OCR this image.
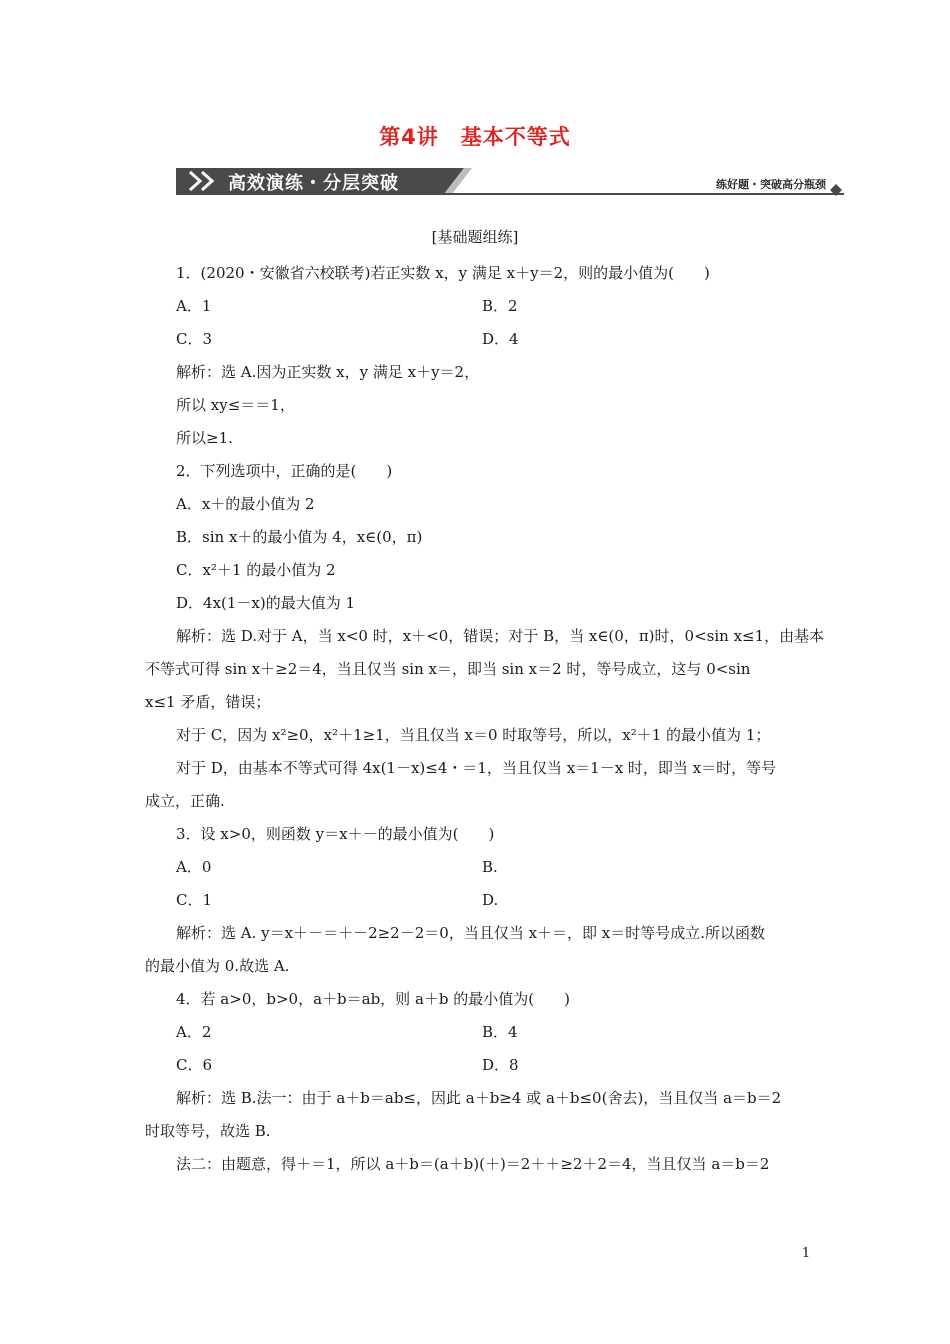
第4讲　基本不等式
高效演练・分层突破	练好题・突破高分瓶颈
[基础题组练]
1．(2020・安徽省六校联考)若正实数 x，y 满足 x＋y＝2，则的最小值为(　　)
A．1	B．2
C．3	D．4
解析：选 A.因为正实数 x，y 满足 x＋y＝2，
所以 xy≤＝＝1，
所以≥1.
2．下列选项中，正确的是(　　)
A．x＋的最小值为 2
B．sin x＋的最小值为 4，x∈(0，π)
C．x²＋1 的最小值为 2
D．4x(1－x)的最大值为 1
解析：选 D.对于 A，当 x<0 时，x＋<0，错误；对于 B，当 x∈(0，π)时，0<sin x≤1，由基本
不等式可得 sin x＋≥2＝4，当且仅当 sin x＝，即当 sin x＝2 时，等号成立，这与 0<sin
x≤1 矛盾，错误；
对于 C，因为 x²≥0，x²＋1≥1，当且仅当 x＝0 时取等号，所以，x²＋1 的最小值为 1；
对于 D，由基本不等式可得 4x(1－x)≤4・＝1，当且仅当 x＝1－x 时，即当 x＝时，等号
成立，正确.
3．设 x>0，则函数 y＝x＋－的最小值为(　　)
A．0	B.
C．1	D.
解析：选 A. y＝x＋－＝＋－2≥2－2＝0，当且仅当 x＋＝，即 x＝时等号成立.所以函数
的最小值为 0.故选 A.
4．若 a>0，b>0，a＋b＝ab，则 a＋b 的最小值为(　　)
A．2	B．4
C．6	D．8
解析：选 B.法一：由于 a＋b＝ab≤，因此 a＋b≥4 或 a＋b≤0(舍去)，当且仅当 a＝b＝2
时取等号，故选 B.
法二：由题意，得＋＝1，所以 a＋b＝(a＋b)(＋)＝2＋＋≥2＋2＝4，当且仅当 a＝b＝2
1
